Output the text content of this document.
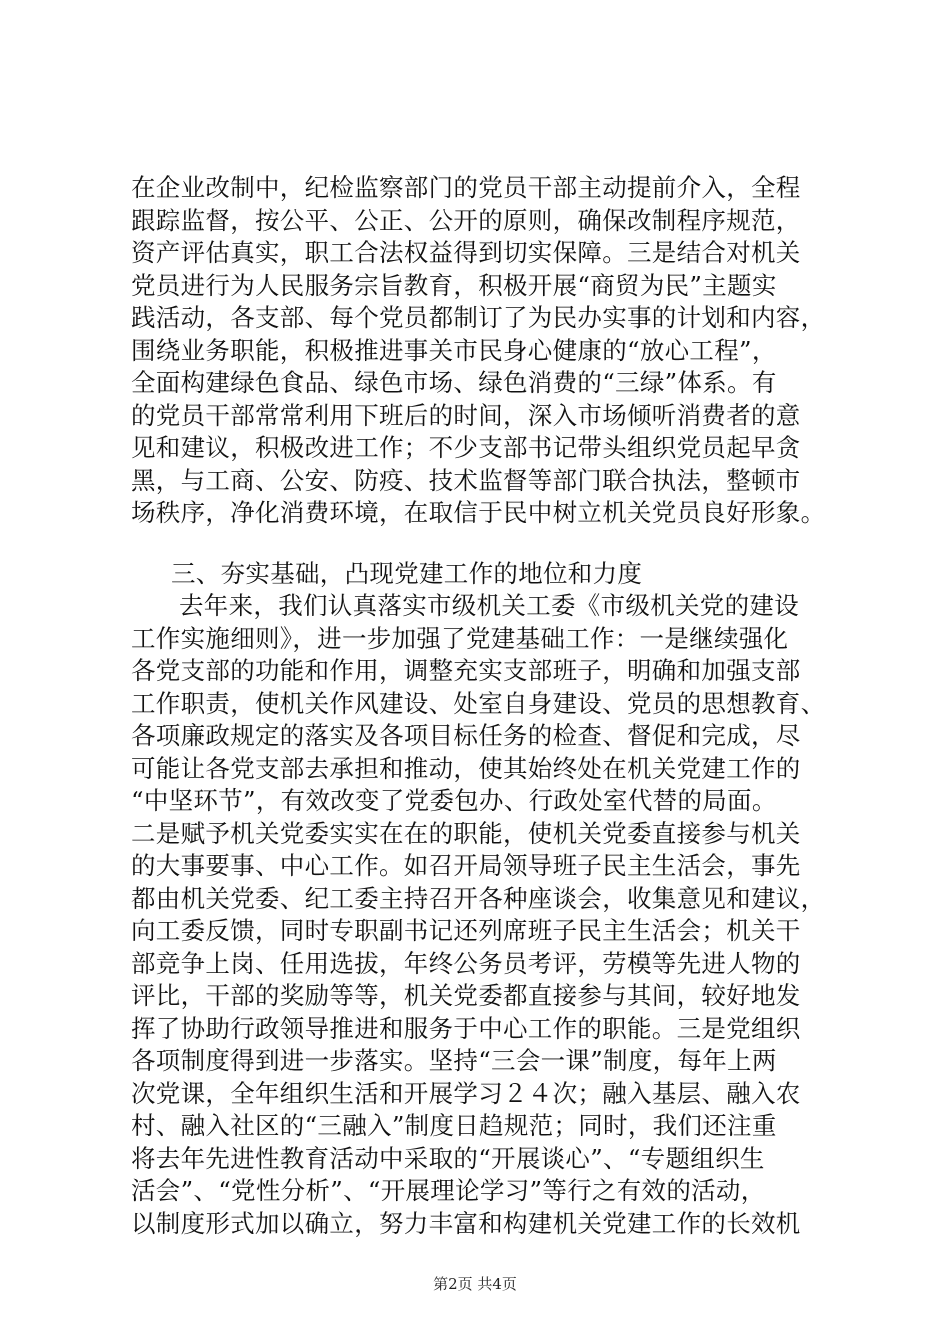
在企业改制中，纪检监察部门的党员干部主动提前介入，全程
跟踪监督，按公平、公正、公开的原则，确保改制程序规范，
资产评估真实，职工合法权益得到切实保障。三是结合对机关
党员进行为人民服务宗旨教育，积极开展“商贸为民”主题实
践活动，各支部、每个党员都制订了为民办实事的计划和内容，
围绕业务职能，积极推进事关市民身心健康的“放心工程”，
全面构建绿色食品、绿色市场、绿色消费的“三绿”体系。有
的党员干部常常利用下班后的时间，深入市场倾听消费者的意
见和建议，积极改进工作；不少支部书记带头组织党员起早贪
黑，与工商、公安、防疫、技术监督等部门联合执法，整顿市
场秩序，净化消费环境，在取信于民中树立机关党员良好形象。
三、夯实基础，凸现党建工作的地位和力度
去年来，我们认真落实市级机关工委《市级机关党的建设
工作实施细则》，进一步加强了党建基础工作：一是继续强化
各党支部的功能和作用，调整充实支部班子，明确和加强支部
工作职责，使机关作风建设、处室自身建设、党员的思想教育、
各项廉政规定的落实及各项目标任务的检查、督促和完成，尽
可能让各党支部去承担和推动，使其始终处在机关党建工作的
“中坚环节”，有效改变了党委包办、行政处室代替的局面。
二是赋予机关党委实实在在的职能，使机关党委直接参与机关
的大事要事、中心工作。如召开局领导班子民主生活会，事先
都由机关党委、纪工委主持召开各种座谈会，收集意见和建议，
向工委反馈，同时专职副书记还列席班子民主生活会；机关干
部竞争上岗、任用选拔，年终公务员考评，劳模等先进人物的
评比，干部的奖励等等，机关党委都直接参与其间，较好地发
挥了协助行政领导推进和服务于中心工作的职能。三是党组织
各项制度得到进一步落实。坚持“三会一课”制度，每年上两
次党课，全年组织生活和开展学习２４次；融入基层、融入农
村、融入社区的“三融入”制度日趋规范；同时，我们还注重
将去年先进性教育活动中采取的“开展谈心”、“专题组织生
活会”、“党性分析”、“开展理论学习”等行之有效的活动，
以制度形式加以确立，努力丰富和构建机关党建工作的长效机
第2页 共4页
